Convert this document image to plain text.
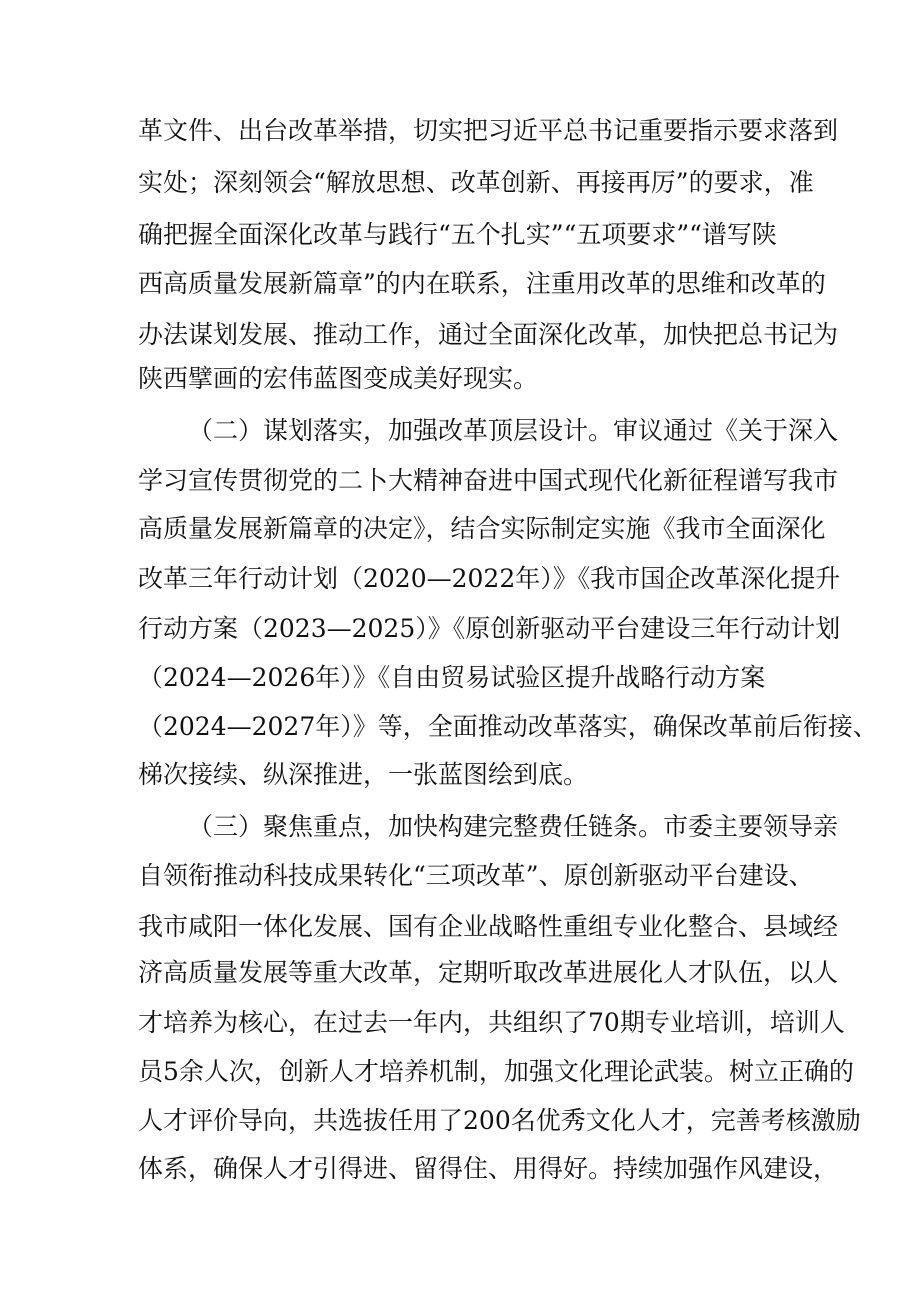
革文件、出台改革举措，切实把习近平总书记重要指示要求落到
实处；深刻领会“解放思想、改革创新、再接再厉”的要求，准
确把握全面深化改革与践行“五个扎实”“五项要求”“谱写陕
西高质量发展新篇章”的内在联系，注重用改革的思维和改革的
办法谋划发展、推动工作，通过全面深化改革，加快把总书记为
陕西擘画的宏伟蓝图变成美好现实。
（二）谋划落实，加强改革顶层设计。审议通过《关于深入
学习宣传贯彻党的二卜大精神奋进中国式现代化新征程谱写我市
高质量发展新篇章的决定》，结合实际制定实施《我市全面深化
改革三年行动计划（2020—2022年）》《我市国企改革深化提升
行动方案（2023—2025）》《原创新驱动平台建设三年行动计划
（2024—2026年）》《自由贸易试验区提升战略行动方案
（2024—2027年）》等，全面推动改革落实，确保改革前后衔接、
梯次接续、纵深推进，一张蓝图绘到底。
（三）聚焦重点，加快构建完整费任链条。市委主要领导亲
自领衔推动科技成果转化“三项改革”、原创新驱动平台建设、
我市咸阳一体化发展、国有企业战略性重组专业化整合、县域经
济高质量发展等重大改革，定期听取改革进展化人才队伍，以人
才培养为核心，在过去一年内，共组织了70期专业培训，培训人
员5余人次，创新人才培养机制，加强文化理论武装。树立正确的
人才评价导向，共选拔任用了200名优秀文化人才，完善考核激励
体系，确保人才引得进、留得住、用得好。持续加强作风建设，
